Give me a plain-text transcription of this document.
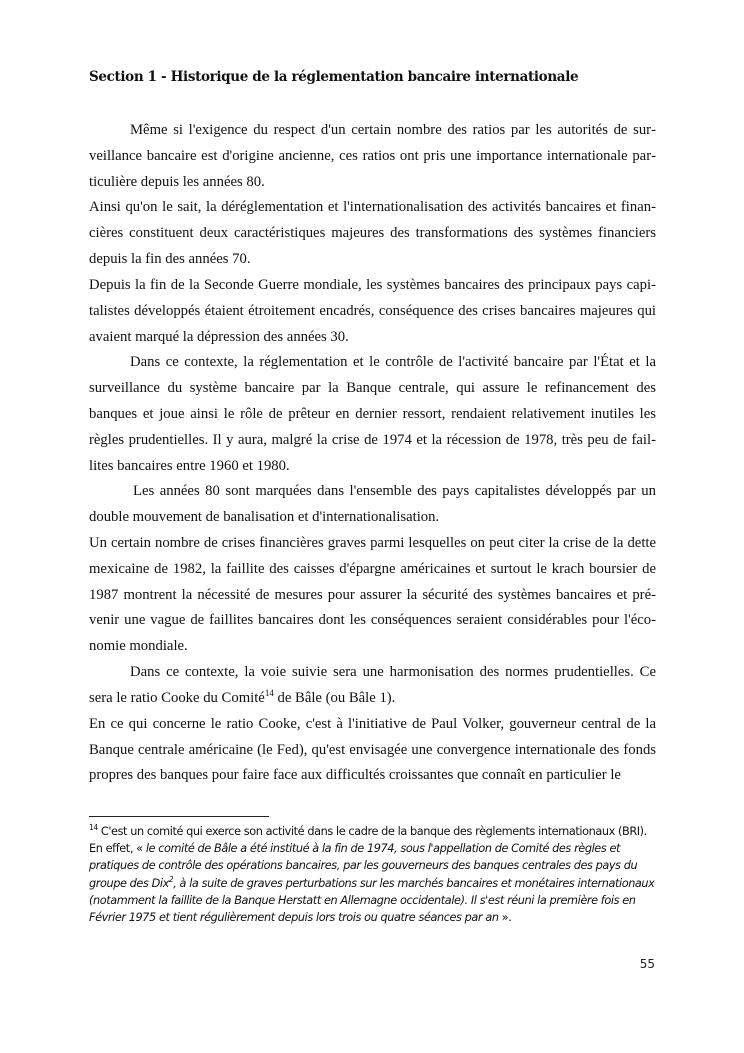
Section 1 - Historique de la réglementation bancaire internationale

Même si l'exigence du respect d'un certain nombre des ratios par les autorités de surveillance bancaire est d'origine ancienne, ces ratios ont pris une importance internationale particulière depuis les années 80.

Ainsi qu'on le sait, la déréglementation et l'internationalisation des activités bancaires et financières constituent deux caractéristiques majeures des transformations des systèmes financiers depuis la fin des années 70.

Depuis la fin de la Seconde Guerre mondiale, les systèmes bancaires des principaux pays capitalistes développés étaient étroitement encadrés, conséquence des crises bancaires majeures qui avaient marqué la dépression des années 30.

Dans ce contexte, la réglementation et le contrôle de l'activité bancaire par l'État et la surveillance du système bancaire par la Banque centrale, qui assure le refinancement des banques et joue ainsi le rôle de prêteur en dernier ressort, rendaient relativement inutiles les règles prudentielles. Il y aura, malgré la crise de 1974 et la récession de 1978, très peu de faillites bancaires entre 1960 et 1980.

Les années 80 sont marquées dans l'ensemble des pays capitalistes développés par un double mouvement de banalisation et d'internationalisation.

Un certain nombre de crises financières graves parmi lesquelles on peut citer la crise de la dette mexicaine de 1982, la faillite des caisses d'épargne américaines et surtout le krach boursier de 1987 montrent la nécessité de mesures pour assurer la sécurité des systèmes bancaires et prévenir une vague de faillites bancaires dont les conséquences seraient considérables pour l'économie mondiale.

Dans ce contexte, la voie suivie sera une harmonisation des normes prudentielles. Ce sera le ratio Cooke du Comité$^{14}$ de Bâle (ou Bâle 1).

En ce qui concerne le ratio Cooke, c'est à l'initiative de Paul Volker, gouverneur central de la Banque centrale américaine (le Fed), qu'est envisagée une convergence internationale des fonds propres des banques pour faire face aux difficultés croissantes que connaît en particulier le

$^{14}$ C'est un comité qui exerce son activité dans le cadre de la banque des règlements internationaux (BRI). En effet, « le comité de Bâle a été institué à la fin de 1974, sous l'appellation de Comité des règles et pratiques de contrôle des opérations bancaires, par les gouverneurs des banques centrales des pays du groupe des Dix$^2$, à la suite de graves perturbations sur les marchés bancaires et monétaires internationaux (notamment la faillite de la Banque Herstatt en Allemagne occidentale). Il s'est réuni la première fois en Février 1975 et tient régulièrement depuis lors trois ou quatre séances par an ».
55
